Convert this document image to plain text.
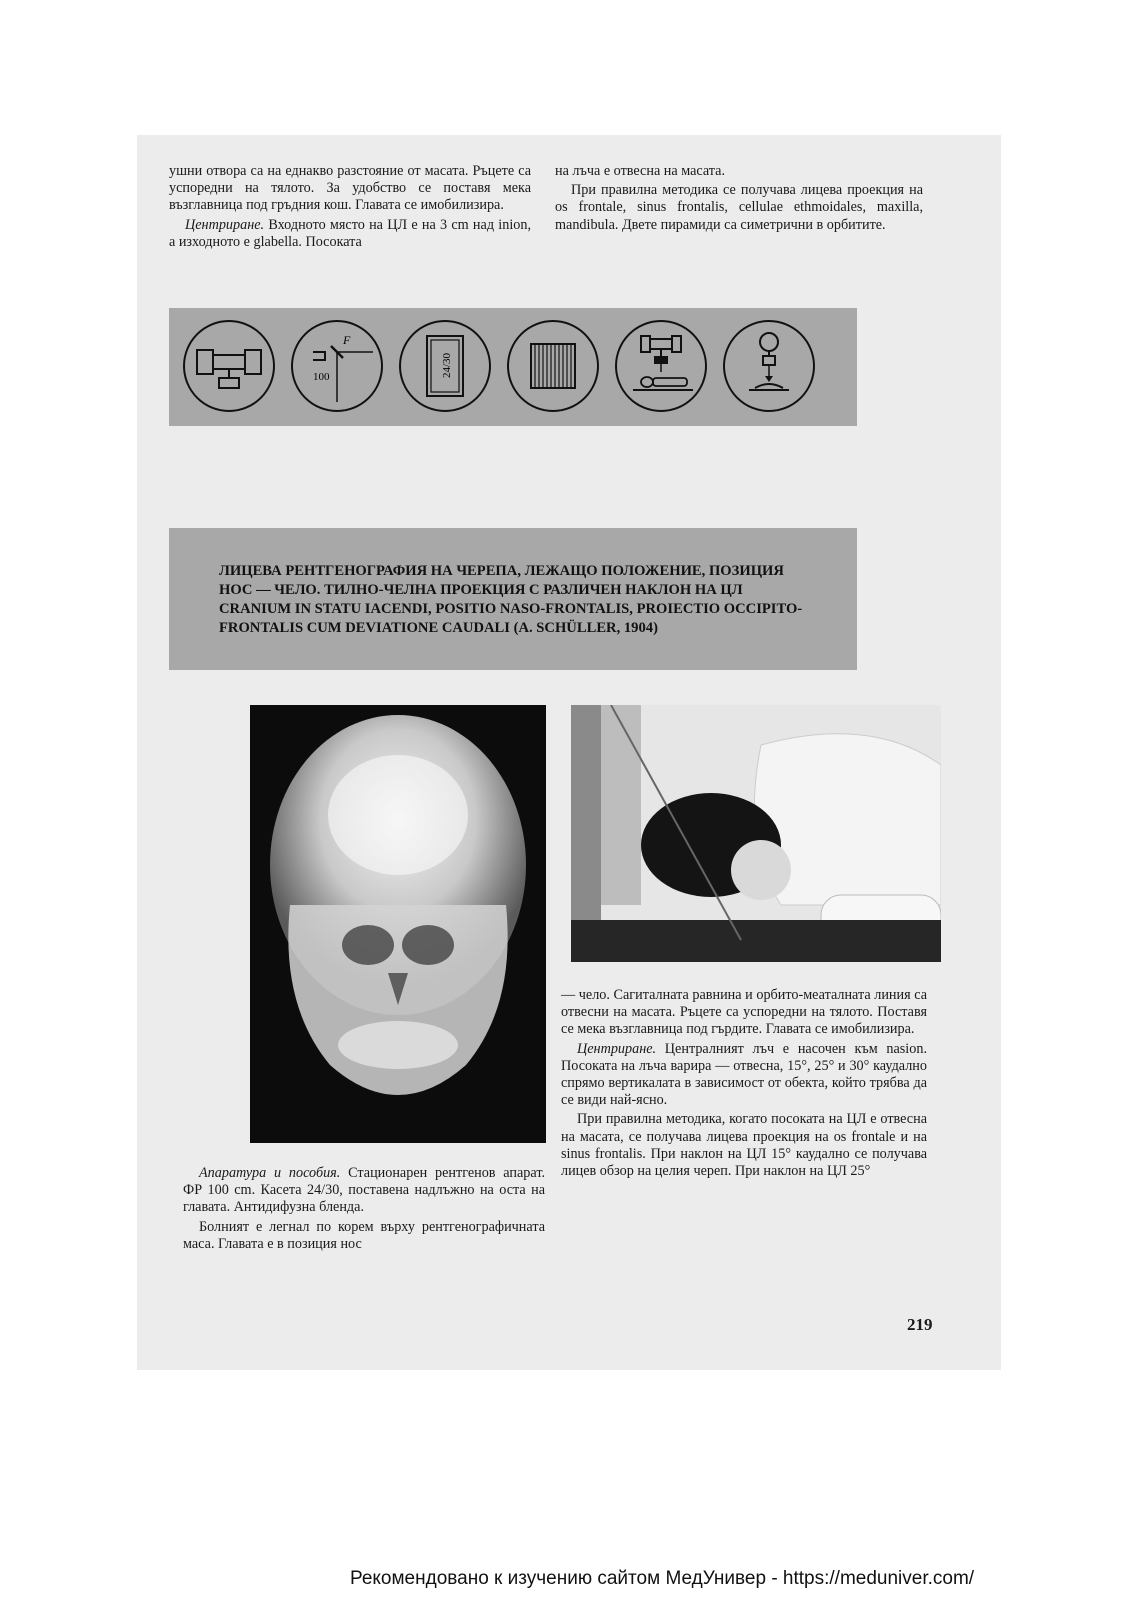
ушни отвора са на еднакво разстояние от масата. Ръцете са успоредни на тялото. За удобство се поставя мека възглавница под гръдния кош. Главата се имобилизира.

Центриране. Входното място на ЦЛ е на 3 cm над inion, а изходното е glabella. Посоката

на лъча е отвесна на масата.

При правилна методика се получава лицева проекция на os frontale, sinus frontalis, cellulae ethmoidales, maxilla, mandibula. Двете пирамиди са симетрични в орбитите.

F
100	24/30
ЛИЦЕВА РЕНТГЕНОГРАФИЯ НА ЧЕРЕПА, ЛЕЖАЩО ПОЛОЖЕНИЕ, ПОЗИЦИЯ
НОС — ЧЕЛО. ТИЛНО-ЧЕЛНА ПРОЕКЦИЯ С РАЗЛИЧЕН НАКЛОН НА ЦЛ
CRANIUM IN STATU IACENDI, POSITIO NASO-FRONTALIS, PROIECTIO OCCIPITO-
FRONTALIS CUM DEVIATIONE CAUDALI (A. SCHÜLLER, 1904)

Апаратура и пособия. Стационарен рентгенов апарат. ФР 100 cm. Касета 24/30, поставена надлъжно на оста на главата. Антидифузна бленда.

Болният е легнал по корем върху рентгенографичната маса. Главата е в позиция нос

— чело. Сагиталната равнина и орбито-меаталната линия са отвесни на масата. Ръцете са успоредни на тялото. Поставя се мека възглавница под гърдите. Главата се имобилизира.

Центриране. Централният лъч е насочен към nasion. Посоката на лъча варира — отвесна, 15°, 25° и 30° каудално спрямо вертикалата в зависимост от обекта, който трябва да се види най-ясно.

При правилна методика, когато посоката на ЦЛ е отвесна на масата, се получава лицева проекция на os frontale и на sinus frontalis. При наклон на ЦЛ 15° каудално се получава лицев обзор на целия череп. При наклон на ЦЛ 25°

219
Рекомендовано к изучению сайтом МедУнивер - https://meduniver.com/
